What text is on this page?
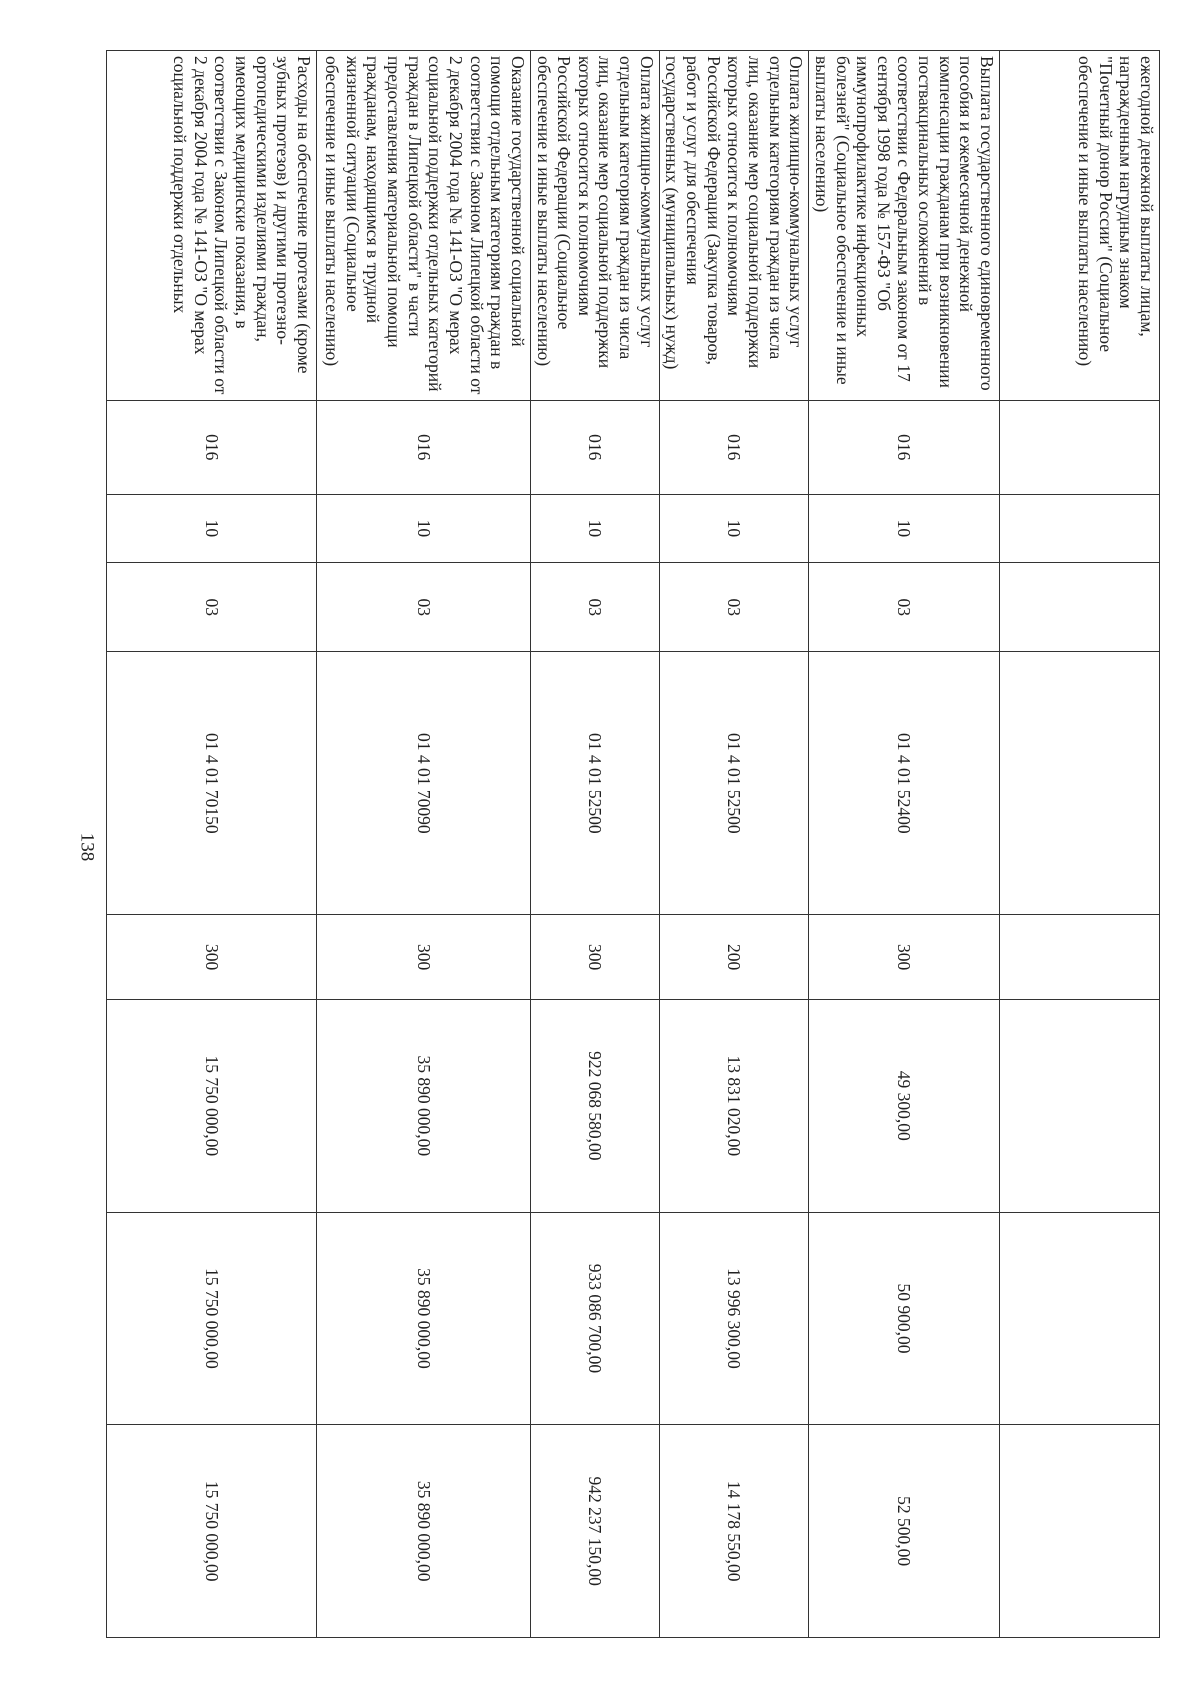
138
ежегодной денежной выплаты лицам, награжденным нагрудным знаком "Почетный донор России" (Социальное обеспечение и иные выплаты населению)								
Выплата государственного единовременного пособия и ежемесячной денежной компенсации гражданам при возникновении поствакцинальных осложнений в соответствии с Федеральным законом от 17 сентября 1998 года № 157-ФЗ "Об иммунопрофилактике инфекционных болезней" (Социальное обеспечение и иные выплаты населению)	016	10	03	01 4 01 52400	300	49 300,00	50 900,00	52 500,00
Оплата жилищно-коммунальных услуг отдельным категориям граждан из числа лиц, оказание мер социальной поддержки которых относится к полномочиям Российской Федерации (Закупка товаров, работ и услуг для обеспечения государственных (муниципальных) нужд)	016	10	03	01 4 01 52500	200	13 831 020,00	13 996 300,00	14 178 550,00
Оплата жилищно-коммунальных услуг отдельным категориям граждан из числа лиц, оказание мер социальной поддержки которых относится к полномочиям Российской Федерации (Социальное обеспечение и иные выплаты населению)	016	10	03	01 4 01 52500	300	922 068 580,00	933 086 700,00	942 237 150,00
Оказание государственной социальной помощи отдельным категориям граждан в соответствии с Законом Липецкой области от 2 декабря 2004 года № 141-ОЗ "О мерах социальной поддержки отдельных категорий граждан в Липецкой области" в части предоставления материальной помощи гражданам, находящимся в трудной жизненной ситуации (Социальное обеспечение и иные выплаты населению)	016	10	03	01 4 01 70090	300	35 890 000,00	35 890 000,00	35 890 000,00
Расходы на обеспечение протезами (кроме зубных протезов) и другими протезно-ортопедическими изделиями граждан, имеющих медицинские показания, в соответствии с Законом Липецкой области от 2 декабря 2004 года № 141-ОЗ "О мерах социальной поддержки отдельных	016	10	03	01 4 01 70150	300	15 750 000,00	15 750 000,00	15 750 000,00
